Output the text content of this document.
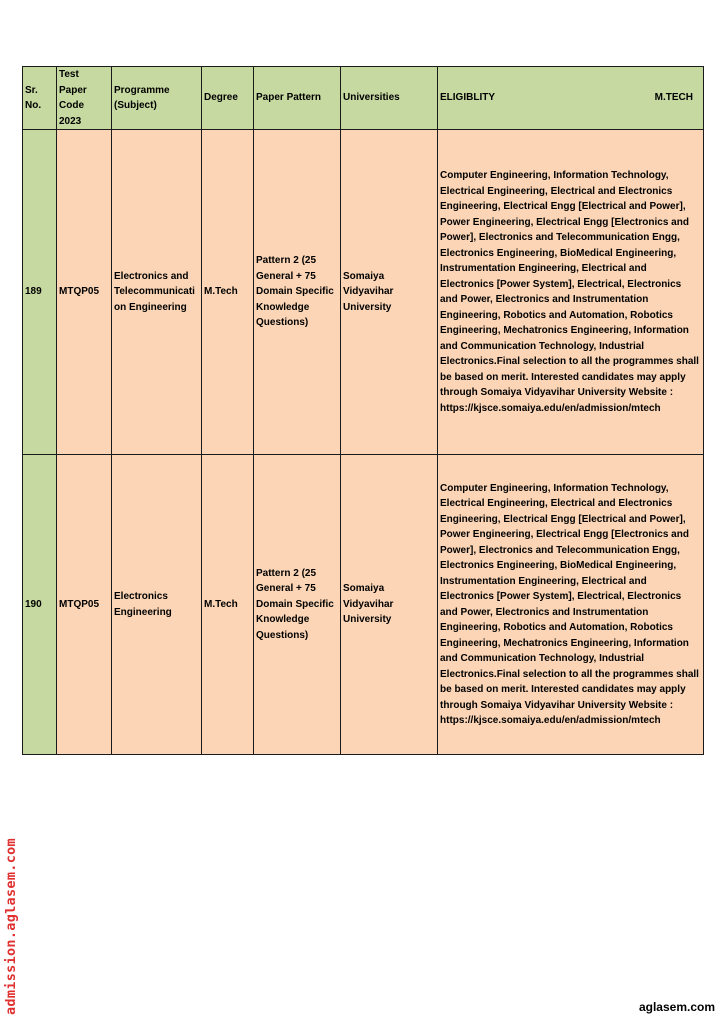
Sr. No.	Test Paper Code 2023	Programme (Subject)	Degree	Paper Pattern	Universities	ELIGIBLITY M.TECH

189	MTQP05	Electronics and Telecommunicati on Engineering	M.Tech	Pattern 2 (25 General + 75 Domain Specific Knowledge Questions)	Somaiya Vidyavihar University	Computer Engineering, Information Technology, Electrical Engineering, Electrical and Electronics Engineering, Electrical Engg [Electrical and Power], Power Engineering, Electrical Engg [Electronics and Power], Electronics and Telecommunication Engg, Electronics Engineering, BioMedical Engineering, Instrumentation Engineering, Electrical and Electronics [Power System], Electrical, Electronics and Power, Electronics and Instrumentation Engineering, Robotics and Automation, Robotics Engineering, Mechatronics Engineering, Information and Communication Technology, Industrial Electronics.Final selection to all the programmes shall be based on merit. Interested candidates may apply through Somaiya Vidyavihar University Website : https://kjsce.somaiya.edu/en/admission/mtech
190	MTQP05	Electronics Engineering	M.Tech	Pattern 2 (25 General + 75 Domain Specific Knowledge Questions)	Somaiya Vidyavihar University	Computer Engineering, Information Technology, Electrical Engineering, Electrical and Electronics Engineering, Electrical Engg [Electrical and Power], Power Engineering, Electrical Engg [Electronics and Power], Electronics and Telecommunication Engg, Electronics Engineering, BioMedical Engineering, Instrumentation Engineering, Electrical and Electronics [Power System], Electrical, Electronics and Power, Electronics and Instrumentation Engineering, Robotics and Automation, Robotics Engineering, Mechatronics Engineering, Information and Communication Technology, Industrial Electronics.Final selection to all the programmes shall be based on merit. Interested candidates may apply through Somaiya Vidyavihar University Website : https://kjsce.somaiya.edu/en/admission/mtech
admission.aglasem.com	aglasem.com
